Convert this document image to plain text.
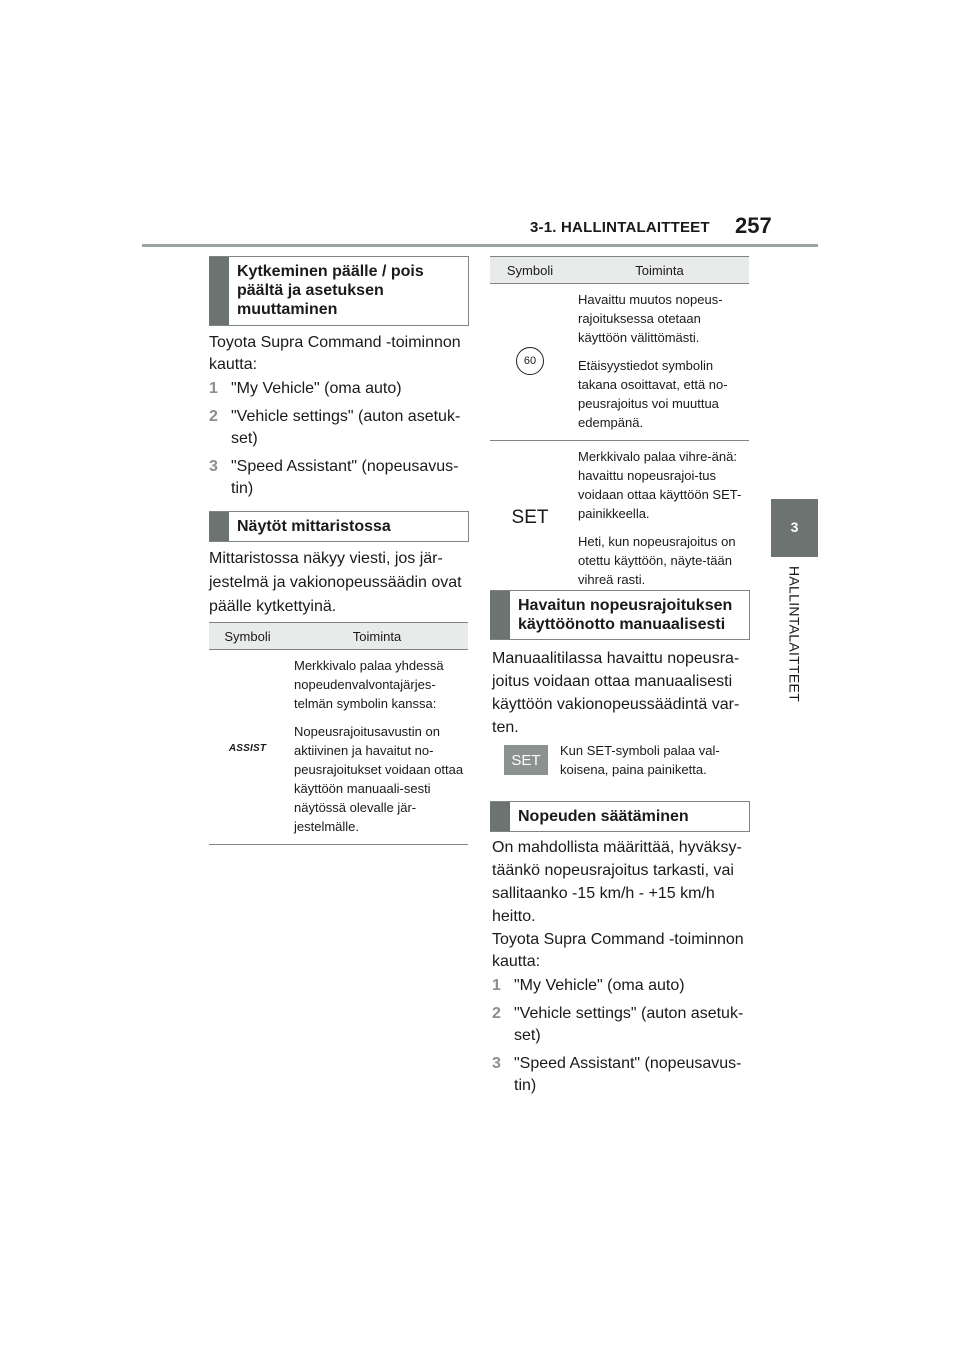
3-1. HALLINTALAITTEET 257
3
HALLINTALAITTEET
Kytkeminen päälle / pois päältä ja asetuksen muuttaminen
Toyota Supra Command -toiminnon kautta:
1 "My Vehicle" (oma auto)
2 "Vehicle settings" (auton asetuk-set)
3 "Speed Assistant" (nopeusavus-tin)
Näytöt mittaristossa
Mittaristossa näkyy viesti, jos jär-jestelmä ja vakionopeussäädin ovat päälle kytkettyinä.
Symboli	Toiminta
ASSIST	Merkkivalo palaa yhdessä nopeudenvalvontajärjes-telmän symbolin kanssa:

Nopeusrajoitusavustin on aktiivinen ja havaitut no-peusrajoitukset voidaan ottaa käyttöön manuaali-sesti näytössä olevalle jär-jestelmälle.

Symboli	Toiminta
60	Havaittu muutos nopeus-rajoituksessa otetaan käyttöön välittömästi.

Etäisyystiedot symbolin takana osoittavat, että no-peusrajoitus voi muuttua edempänä.

SET	Merkkivalo palaa vihre-änä: havaittu nopeusrajoi-tus voidaan ottaa käyttöön SET-painikkeella.

Heti, kun nopeusrajoitus on otettu käyttöön, näyte-tään vihreä rasti.

Havaitun nopeusrajoituksen käyttöönotto manuaalisesti
Manuaalitilassa havaittu nopeusra-joitus voidaan ottaa manuaalisesti käyttöön vakionopeussäädintä var-ten.
SET
Kun SET-symboli palaa val-koisena, paina painiketta.
Nopeuden säätäminen
On mahdollista määrittää, hyväksy-täänkö nopeusrajoitus tarkasti, vai sallitaanko -15 km/h - +15 km/h heitto.
Toyota Supra Command -toiminnon kautta:
1 "My Vehicle" (oma auto)
2 "Vehicle settings" (auton asetuk-set)
3 "Speed Assistant" (nopeusavus-tin)
